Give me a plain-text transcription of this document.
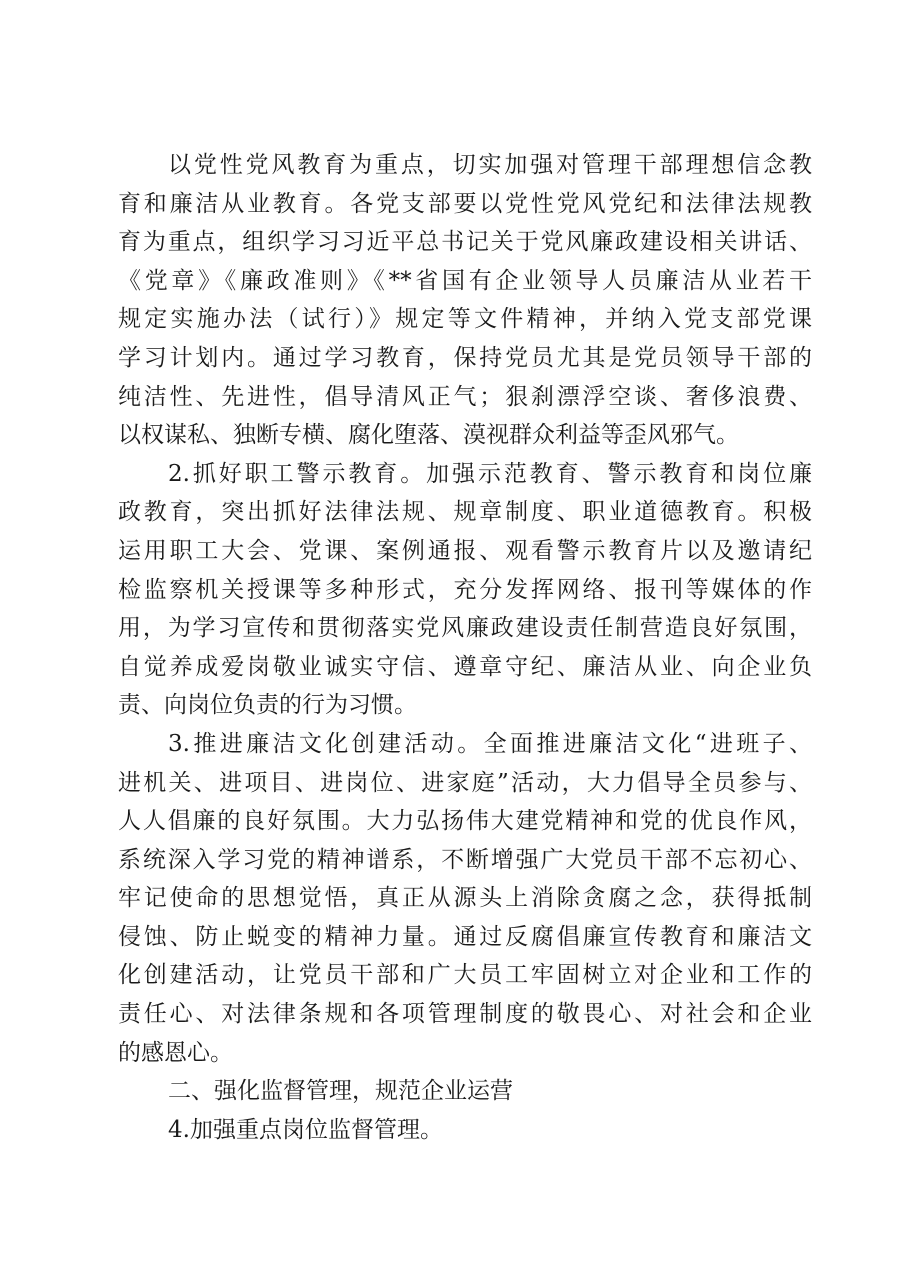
以党性党风教育为重点，切实加强对管理干部理想信念教
育和廉洁从业教育。各党支部要以党性党风党纪和法律法规教
育为重点，组织学习习近平总书记关于党风廉政建设相关讲话、
《党章》《廉政准则》《**省国有企业领导人员廉洁从业若干
规定实施办法（试行）》规定等文件精神，并纳入党支部党课
学习计划内。通过学习教育，保持党员尤其是党员领导干部的
纯洁性、先进性，倡导清风正气；狠刹漂浮空谈、奢侈浪费、
以权谋私、独断专横、腐化堕落、漠视群众利益等歪风邪气。
2.抓好职工警示教育。加强示范教育、警示教育和岗位廉
政教育，突出抓好法律法规、规章制度、职业道德教育。积极
运用职工大会、党课、案例通报、观看警示教育片以及邀请纪
检监察机关授课等多种形式，充分发挥网络、报刊等媒体的作
用，为学习宣传和贯彻落实党风廉政建设责任制营造良好氛围，
自觉养成爱岗敬业诚实守信、遵章守纪、廉洁从业、向企业负
责、向岗位负责的行为习惯。
3.推进廉洁文化创建活动。全面推进廉洁文化“进班子、
进机关、进项目、进岗位、进家庭”活动，大力倡导全员参与、
人人倡廉的良好氛围。大力弘扬伟大建党精神和党的优良作风，
系统深入学习党的精神谱系，不断增强广大党员干部不忘初心、
牢记使命的思想觉悟，真正从源头上消除贪腐之念，获得抵制
侵蚀、防止蜕变的精神力量。通过反腐倡廉宣传教育和廉洁文
化创建活动，让党员干部和广大员工牢固树立对企业和工作的
责任心、对法律条规和各项管理制度的敬畏心、对社会和企业
的感恩心。
二、强化监督管理，规范企业运营
4.加强重点岗位监督管理。
